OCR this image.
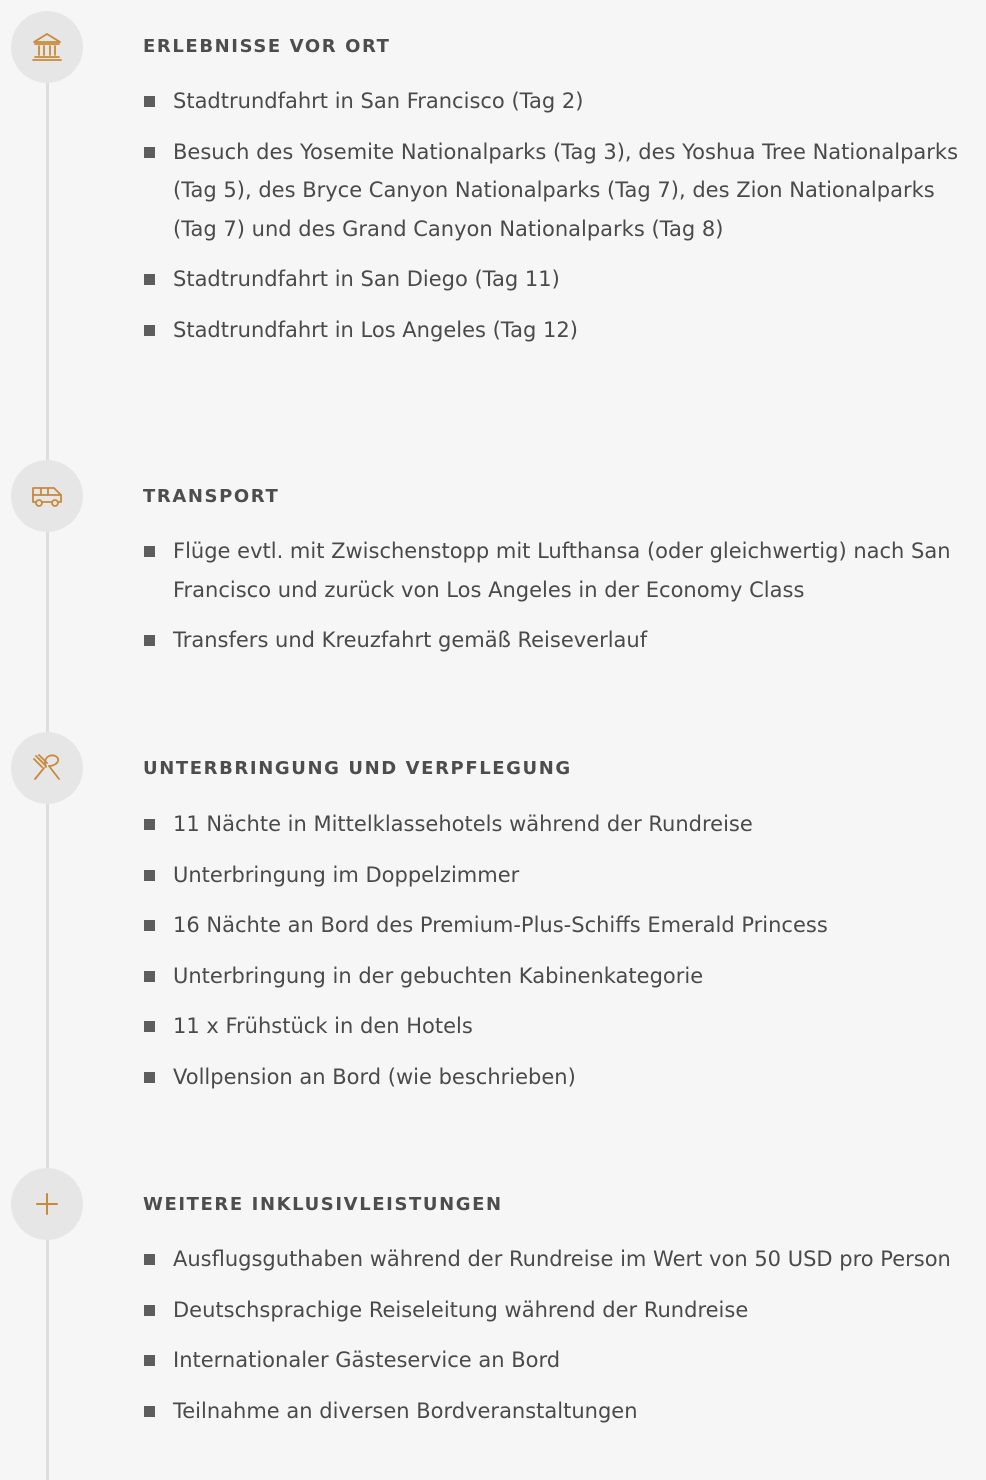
ERLEBNISSE VOR ORT
Stadtrundfahrt in San Francisco (Tag 2)
Besuch des Yosemite Nationalparks (Tag 3), des Yoshua Tree Nationalparks (Tag 5), des Bryce Canyon Nationalparks (Tag 7), des Zion Nationalparks (Tag 7) und des Grand Canyon Nationalparks (Tag 8)
Stadtrundfahrt in San Diego (Tag 11)
Stadtrundfahrt in Los Angeles (Tag 12)
TRANSPORT
Flüge evtl. mit Zwischenstopp mit Lufthansa (oder gleichwertig) nach San Francisco und zurück von Los Angeles in der Economy Class
Transfers und Kreuzfahrt gemäß Reiseverlauf
UNTERBRINGUNG UND VERPFLEGUNG
11 Nächte in Mittelklassehotels während der Rundreise
Unterbringung im Doppelzimmer
16 Nächte an Bord des Premium-Plus-Schiffs Emerald Princess
Unterbringung in der gebuchten Kabinenkategorie
11 x Frühstück in den Hotels
Vollpension an Bord (wie beschrieben)
WEITERE INKLUSIVLEISTUNGEN
Ausflugsguthaben während der Rundreise im Wert von 50 USD pro Person
Deutschsprachige Reiseleitung während der Rundreise
Internationaler Gästeservice an Bord
Teilnahme an diversen Bordveranstaltungen
